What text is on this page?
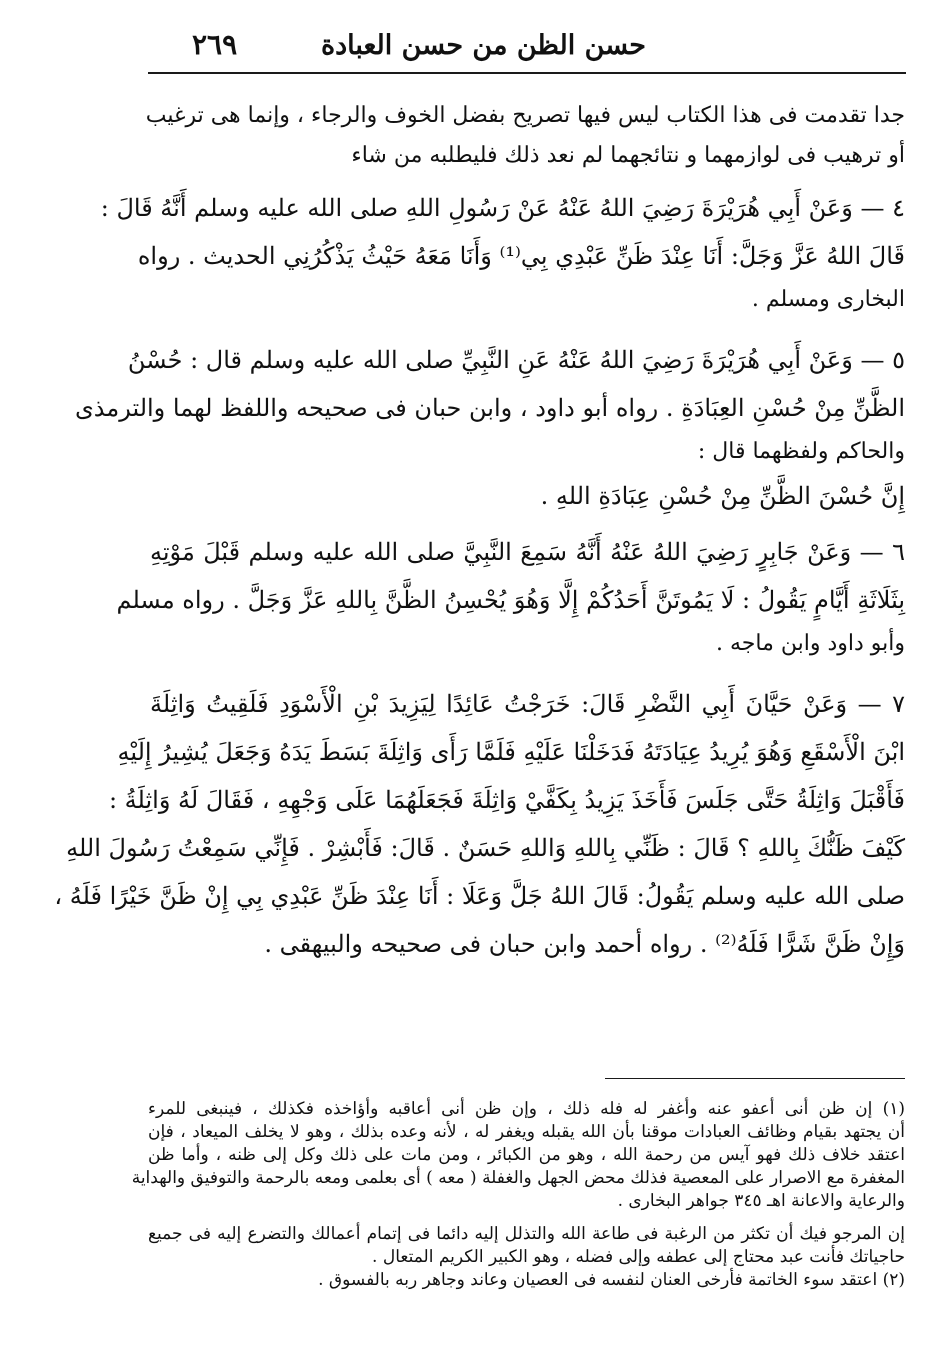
حسن الظن من حسن العبادة
٢٦٩
جدا تقدمت فى هذا الكتاب ليس فيها تصريح بفضل الخوف والرجاء ، وإنما هى ترغيب
أو ترهيب فى لوازمهما و نتائجهما لم نعد ذلك فليطلبه من شاء
٤ — وَعَنْ أَبِي هُرَيْرَةَ رَضِيَ اللهُ عَنْهُ عَنْ رَسُولِ اللهِ صلى الله عليه وسلم أَنَّهُ قَالَ :
قَالَ اللهُ عَزَّ وَجَلَّ: أَنَا عِنْدَ ظَنِّ عَبْدِي بِي⁽¹⁾ وَأَنَا مَعَهُ حَيْثُ يَذْكُرُنِي الحديث . رواه
البخارى ومسلم .
٥ — وَعَنْ أَبِي هُرَيْرَةَ رَضِيَ اللهُ عَنْهُ عَنِ النَّبِيِّ صلى الله عليه وسلم قال : حُسْنُ
الظَّنِّ مِنْ حُسْنِ العِبَادَةِ . رواه أبو داود ، وابن حبان فى صحيحه واللفظ لهما والترمذى
والحاكم ولفظهما قال :
إِنَّ حُسْنَ الظَّنِّ مِنْ حُسْنِ عِبَادَةِ اللهِ .
٦ — وَعَنْ جَابِرٍ رَضِيَ اللهُ عَنْهُ أَنَّهُ سَمِعَ النَّبِيَّ صلى الله عليه وسلم قَبْلَ مَوْتِهِ
بِثَلَاثَةِ أَيَّامٍ يَقُولُ : لَا يَمُوتَنَّ أَحَدُكُمْ إِلَّا وَهُوَ يُحْسِنُ الظَّنَّ بِاللهِ عَزَّ وَجَلَّ . رواه مسلم
وأبو داود وابن ماجه .
٧ — وَعَنْ حَيَّانَ أَبِي النَّضْرِ قَالَ: خَرَجْتُ عَائِدًا لِيَزِيدَ بْنِ الْأَسْوَدِ فَلَقِيتُ وَاثِلَةَ
ابْنَ الْأَسْقَعِ وَهُوَ يُرِيدُ عِيَادَتَهُ فَدَخَلْنَا عَلَيْهِ فَلَمَّا رَأَى وَاثِلَةَ بَسَطَ يَدَهُ وَجَعَلَ يُشِيرُ إِلَيْهِ
فَأَقْبَلَ وَاثِلَةُ حَتَّى جَلَسَ فَأَخَذَ يَزِيدُ بِكَفَّيْ وَاثِلَةَ فَجَعَلَهُمَا عَلَى وَجْهِهِ ، فَقَالَ لَهُ وَاثِلَةُ :
كَيْفَ ظَنُّكَ بِاللهِ ؟ قَالَ : ظَنِّي بِاللهِ وَاللهِ حَسَنٌ . قَالَ: فَأَبْشِرْ . فَإِنِّي سَمِعْتُ رَسُولَ اللهِ
صلى الله عليه وسلم يَقُولُ: قَالَ اللهُ جَلَّ وَعَلَا : أَنَا عِنْدَ ظَنِّ عَبْدِي بِي إِنْ ظَنَّ خَيْرًا فَلَهُ ،
وَإِنْ ظَنَّ شَرًّا فَلَهُ⁽²⁾ . رواه أحمد وابن حبان فى صحيحه والبيهقى .
(١) إن ظن أنى أعفو عنه وأغفر له فله ذلك ، وإن ظن أنى أعاقبه وأؤاخذه فكذلك ، فينبغى للمرء
أن يجتهد بقيام وظائف العبادات موقنا بأن الله يقبله ويغفر له ، لأنه وعده بذلك ، وهو لا يخلف الميعاد ، فإن
اعتقد خلاف ذلك فهو آيس من رحمة الله ، وهو من الكبائر ، ومن مات على ذلك وكل إلى ظنه ، وأما ظن
المغفرة مع الاصرار على المعصية فذلك محض الجهل والغفلة ( معه ) أى بعلمى ومعه بالرحمة والتوفيق والهداية
والرعاية والاعانة اهـ ٣٤٥ جواهر البخارى .
إن المرجو فيك أن تكثر من الرغبة فى طاعة الله والتذلل إليه دائما فى إتمام أعمالك والتضرع إليه فى جميع
حاجياتك فأنت عبد محتاج إلى عطفه وإلى فضله ، وهو الكبير الكريم المتعال .
(٢) اعتقد سوء الخاتمة فأرخى العنان لنفسه فى العصيان وعاند وجاهر ربه بالفسوق .
